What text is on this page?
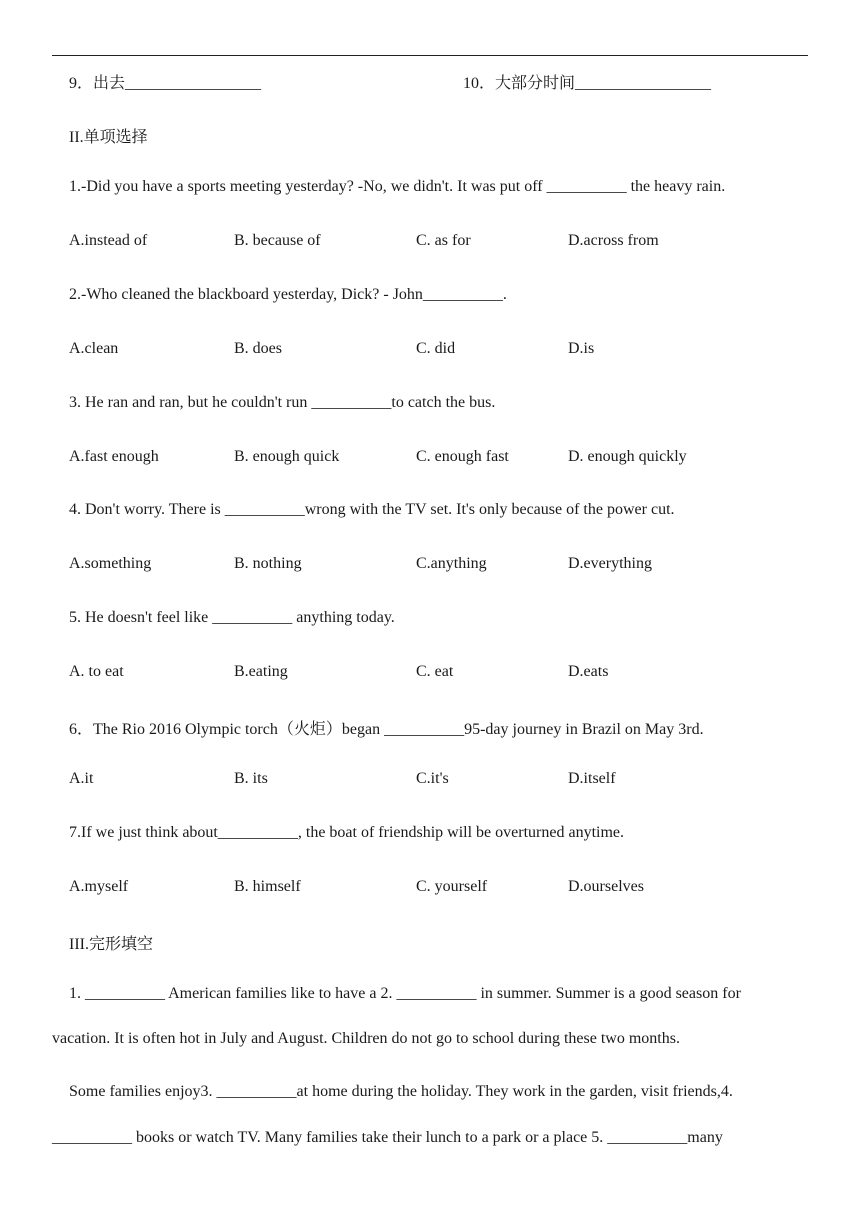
9．出去_________________	10．大部分时间_________________
II.单项选择
1.-Did you have a sports meeting yesterday? -No, we didn't. It was put off __________ the heavy rain.
A.instead of	B. because of	C. as for	D.across from
2.-Who cleaned the blackboard yesterday, Dick? - John__________.
A.clean	B. does	C. did	D.is
3. He ran and ran, but he couldn't run __________to catch the bus.
A.fast enough	B. enough quick	C. enough fast	D. enough quickly
4. Don't worry. There is __________wrong with the TV set. It's only because of the power cut.
A.something	B. nothing	C.anything	D.everything
5. He doesn't feel like __________ anything today.
A. to eat	B.eating	C. eat	D.eats
6．The Rio 2016 Olympic torch（火炬）began __________95-day journey in Brazil on May 3rd.
A.it	B. its	C.it's	D.itself
7.If we just think about__________, the boat of friendship will be overturned anytime.
A.myself	B. himself	C. yourself	D.ourselves
III.完形填空
1. __________ American families like to have a 2. __________ in summer. Summer is a good season for
vacation. It is often hot in July and August. Children do not go to school during these two months.
Some families enjoy3. __________at home during the holiday. They work in the garden, visit friends,4.
__________ books or watch TV. Many families take their lunch to a park or a place 5. __________many
